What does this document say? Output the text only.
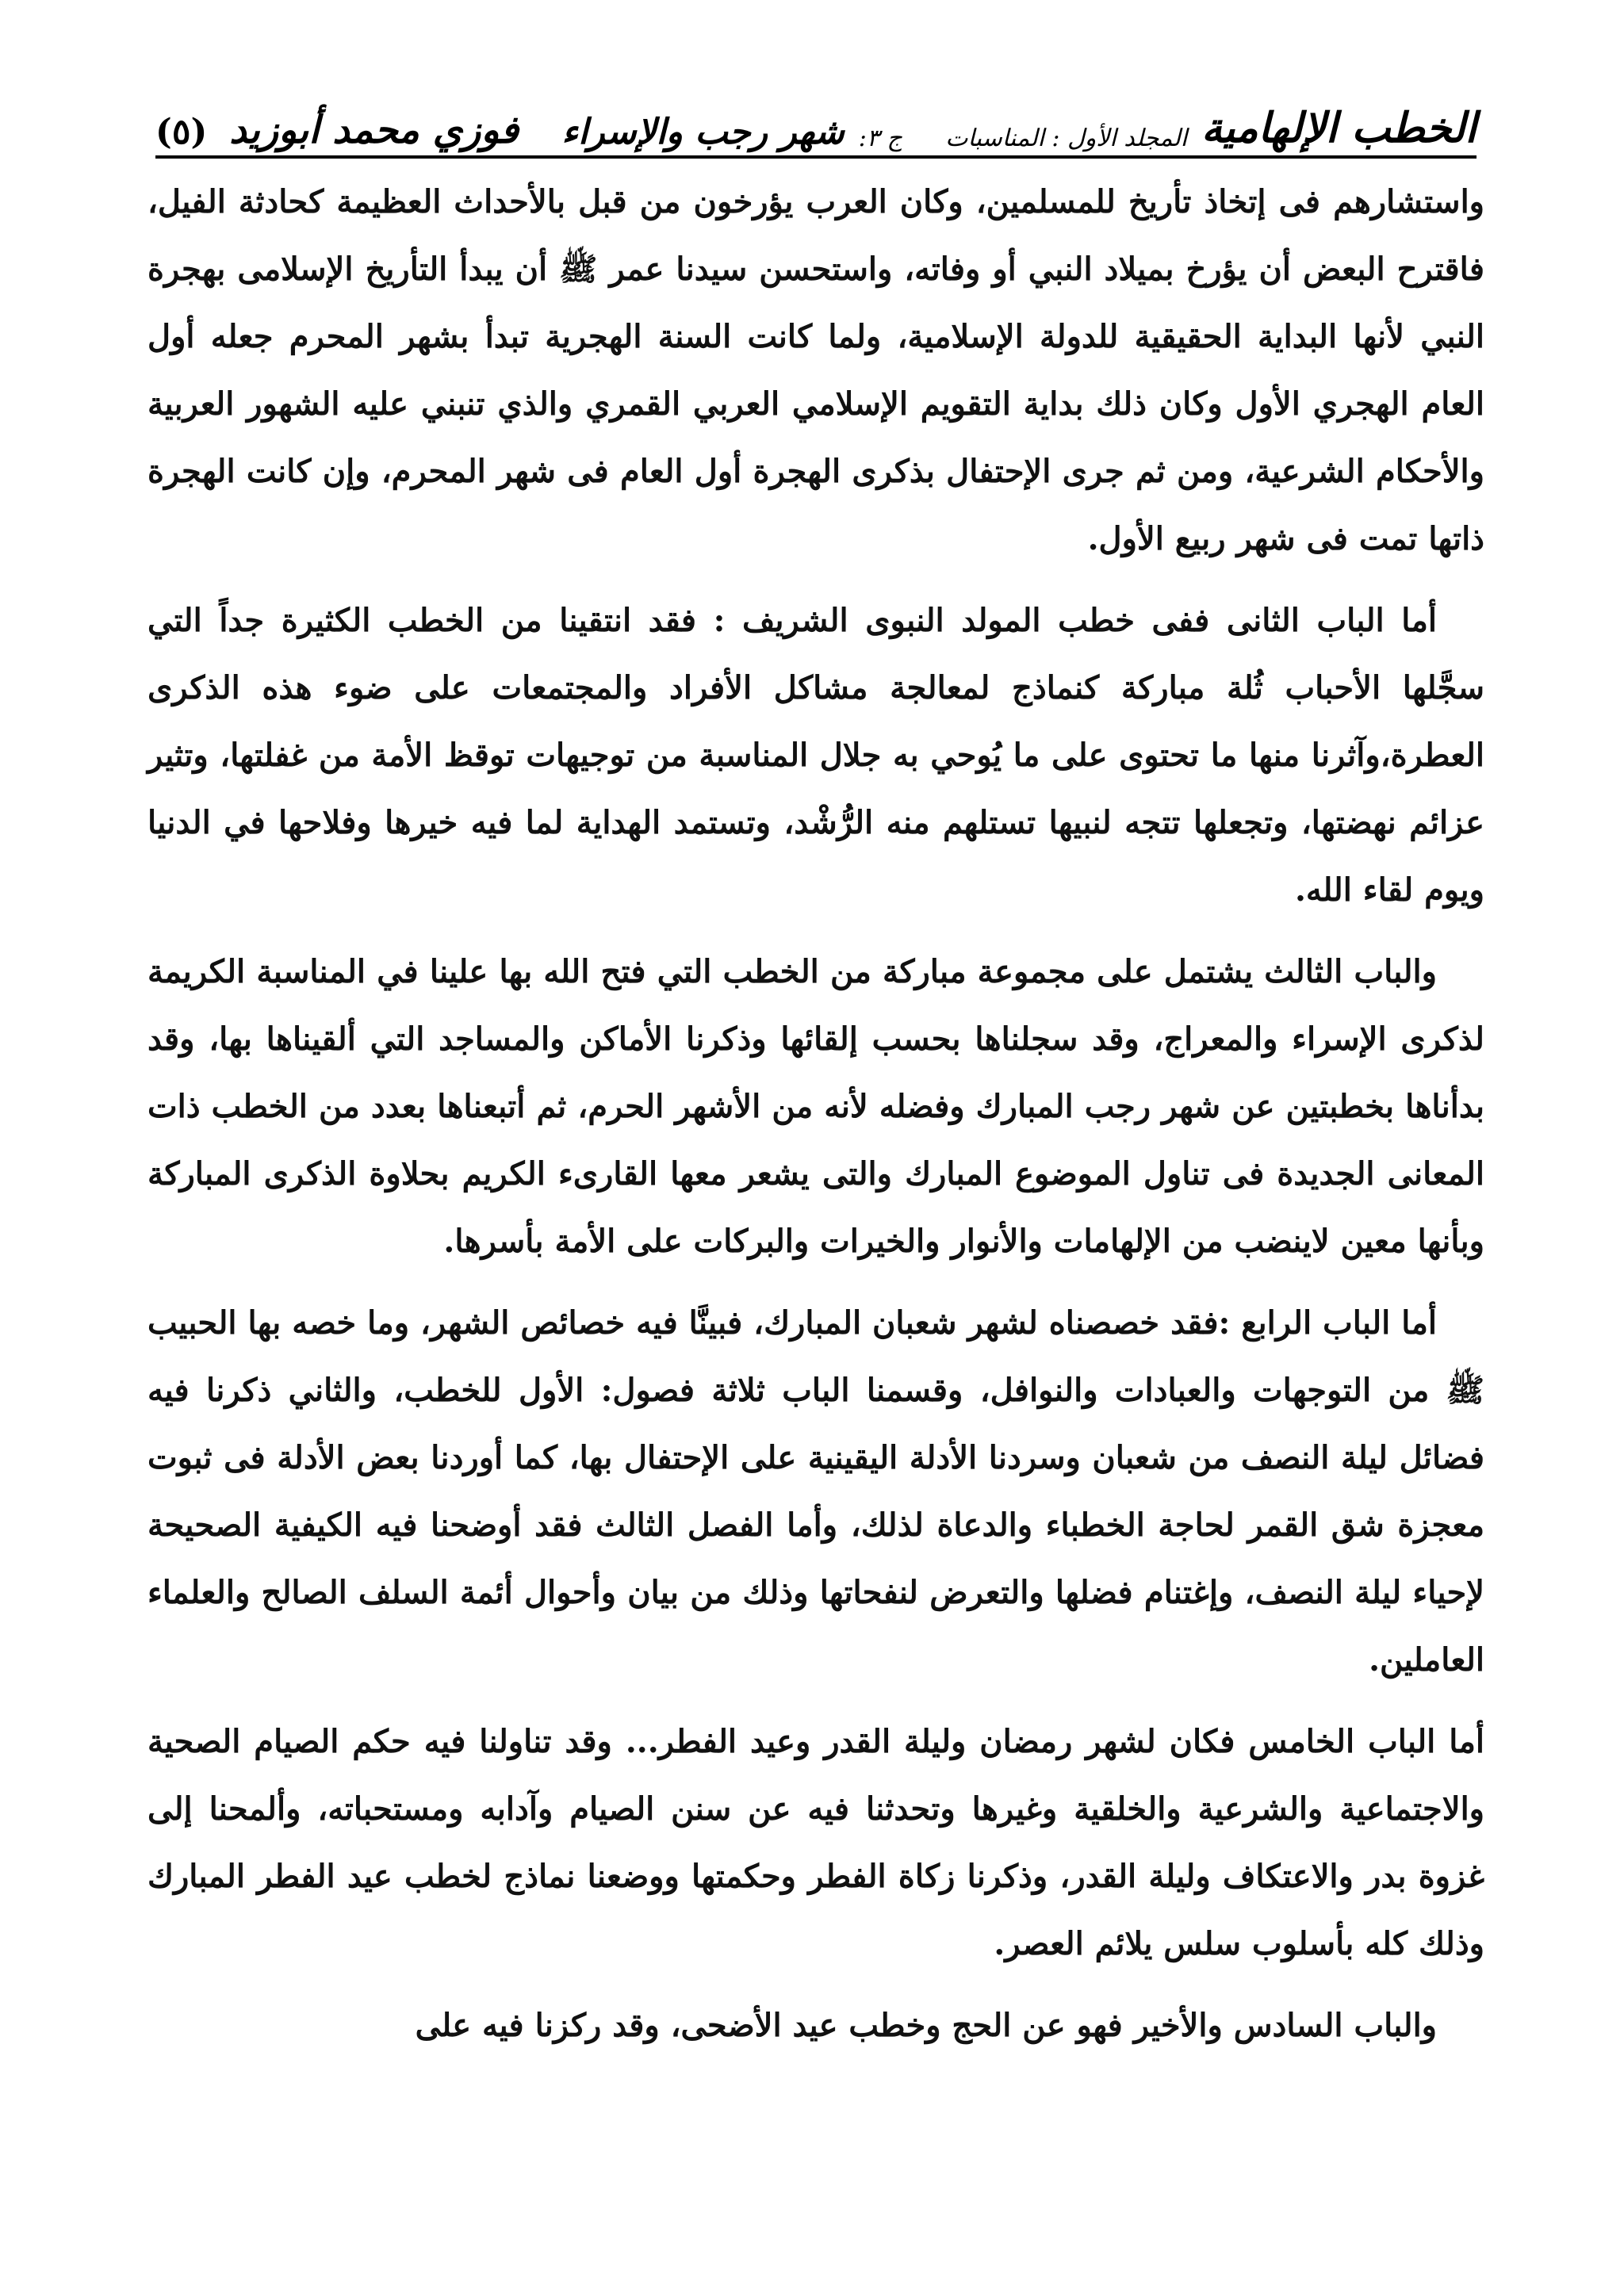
الخطب الإلهامية
المجلد الأول : المناسبات
ج ٣:
شهر رجب والإسراء
فوزي محمد أبوزيد
(٥)

واستشارهم فى إتخاذ تأريخ للمسلمين، وكان العرب يؤرخون من قبل بالأحداث العظيمة كحادثة الفيل، فاقترح البعض أن يؤرخ بميلاد النبي أو وفاته، واستحسن سيدنا عمر ﷺ أن يبدأ التأريخ الإسلامى بهجرة النبي لأنها البداية الحقيقية للدولة الإسلامية، ولما كانت السنة الهجرية تبدأ بشهر المحرم جعله أول العام الهجري الأول وكان ذلك بداية التقويم الإسلامي العربي القمري والذي تنبني عليه الشهور العربية والأحكام الشرعية، ومن ثم جرى الإحتفال بذكرى الهجرة أول العام فى شهر المحرم، وإن كانت الهجرة ذاتها تمت فى شهر ربيع الأول.

أما الباب الثانى ففى خطب المولد النبوى الشريف : فقد انتقينا من الخطب الكثيرة جداً التي سجَّلها الأحباب ثُلة مباركة كنماذج لمعالجة مشاكل الأفراد والمجتمعات على ضوء هذه الذكرى العطرة،وآثرنا منها ما تحتوى على ما يُوحي به جلال المناسبة من توجيهات توقظ الأمة من غفلتها، وتثير عزائم نهضتها، وتجعلها تتجه لنبيها تستلهم منه الرُّشْد، وتستمد الهداية لما فيه خيرها وفلاحها في الدنيا ويوم لقاء الله.

والباب الثالث يشتمل على مجموعة مباركة من الخطب التي فتح الله بها علينا في المناسبة الكريمة لذكرى الإسراء والمعراج، وقد سجلناها بحسب إلقائها وذكرنا الأماكن والمساجد التي ألقيناها بها، وقد بدأناها بخطبتين عن شهر رجب المبارك وفضله لأنه من الأشهر الحرم، ثم أتبعناها بعدد من الخطب ذات المعانى الجديدة فى تناول الموضوع المبارك والتى يشعر معها القارىء الكريم بحلاوة الذكرى المباركة وبأنها معين لاينضب من الإلهامات والأنوار والخيرات والبركات على الأمة بأسرها.

أما الباب الرابع :فقد خصصناه لشهر شعبان المبارك، فبينَّا فيه خصائص الشهر، وما خصه بها الحبيب ﷺ من التوجهات والعبادات والنوافل، وقسمنا الباب ثلاثة فصول: الأول للخطب، والثاني ذكرنا فيه فضائل ليلة النصف من شعبان وسردنا الأدلة اليقينية على الإحتفال بها، كما أوردنا بعض الأدلة فى ثبوت معجزة شق القمر لحاجة الخطباء والدعاة لذلك، وأما الفصل الثالث فقد أوضحنا فيه الكيفية الصحيحة لإحياء ليلة النصف، وإغتنام فضلها والتعرض لنفحاتها وذلك من بيان وأحوال أئمة السلف الصالح والعلماء العاملين.

أما الباب الخامس فكان لشهر رمضان وليلة القدر وعيد الفطر... وقد تناولنا فيه حكم الصيام الصحية والاجتماعية والشرعية والخلقية وغيرها وتحدثنا فيه عن سنن الصيام وآدابه ومستحباته، وألمحنا إلى غزوة بدر والاعتكاف وليلة القدر، وذكرنا زكاة الفطر وحكمتها ووضعنا نماذج لخطب عيد الفطر المبارك وذلك كله بأسلوب سلس يلائم العصر.

والباب السادس والأخير فهو عن الحج وخطب عيد الأضحى، وقد ركزنا فيه على
